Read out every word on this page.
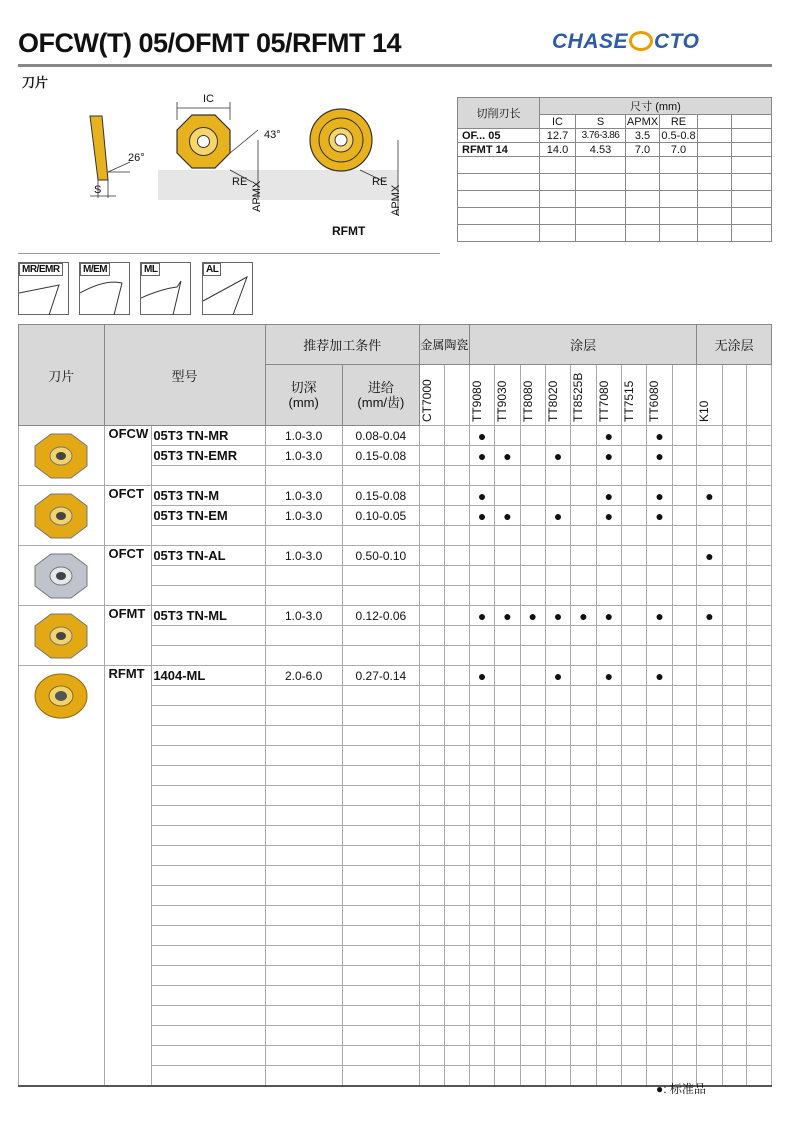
OFCW(T) 05/OFMT 05/RFMT 14	CHASE CTO
刀片
IC
26°
43°
S
RE	RE
APMX	APMX
RFMT
切削刃长	尺寸 (mm)					
	IC	S	APMX	RE		
OF... 05	12.7	3.76-3.86	3.5	0.5-0.8		
RFMT 14	14.0	4.53	7.0	7.0		

MR/EMR	M/EM	ML	AL
刀片	型号		推荐加工条件		金属陶瓷		涂层									无涂层		
			切深
(mm)	进给
(mm/齿)	CT7000		TT9080	TT9030	TT8080	TT8020	TT8525B	TT7080	TT7515	TT6080		K10		

	OFCW	05T3 TN-MR	1.0-3.0	0.08-0.04			●					●		●				
		05T3 TN-EMR	1.0-3.0	0.15-0.08			●	●		●		●		●				

	OFCT	05T3 TN-M	1.0-3.0	0.15-0.08			●					●		●		●		
		05T3 TN-EM	1.0-3.0	0.10-0.05			●	●		●		●		●				

	OFCT	05T3 TN-AL	1.0-3.0	0.50-0.10												●		

	OFMT	05T3 TN-ML	1.0-3.0	0.12-0.06			●	●	●	●	●	●		●		●		

	RFMT	1404-ML	2.0-6.0	0.27-0.14			●			●		●		●				

●: 标准品
